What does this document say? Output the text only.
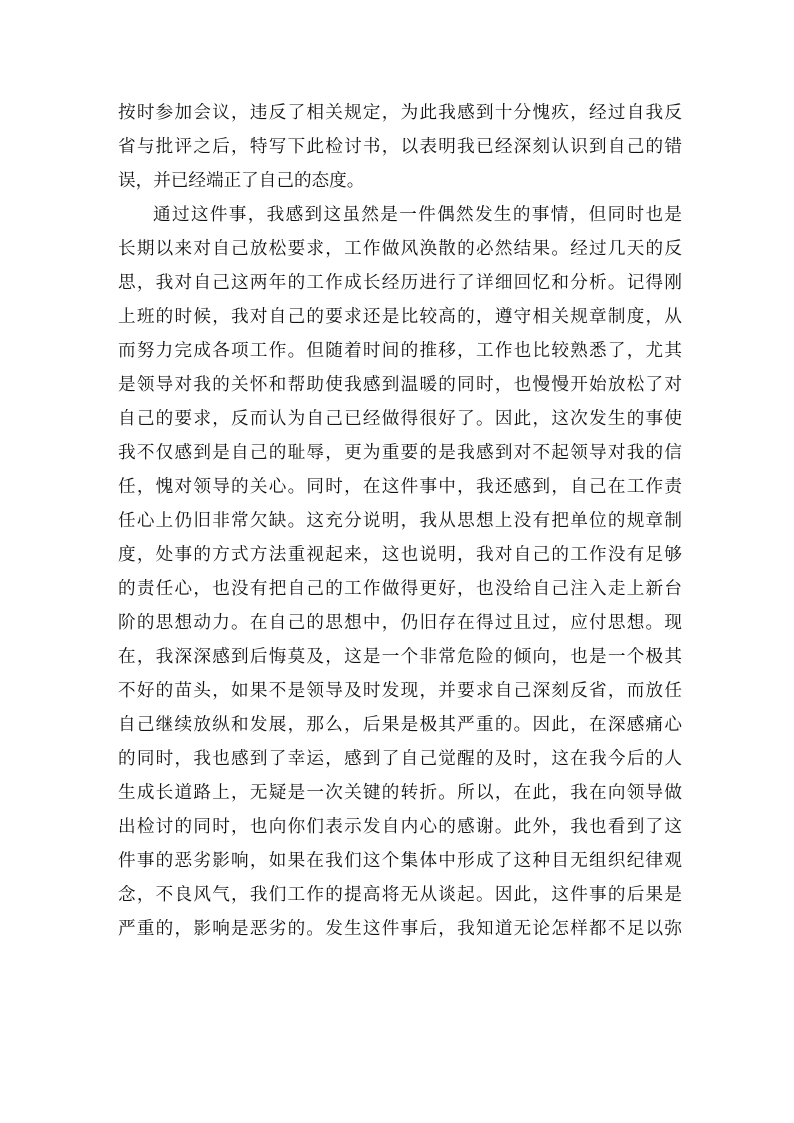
按时参加会议，违反了相关规定，为此我感到十分愧疚，经过自我反
省与批评之后，特写下此检讨书，以表明我已经深刻认识到自己的错
误，并已经端正了自己的态度。
通过这件事，我感到这虽然是一件偶然发生的事情，但同时也是
长期以来对自己放松要求，工作做风涣散的必然结果。经过几天的反
思，我对自己这两年的工作成长经历进行了详细回忆和分析。记得刚
上班的时候，我对自己的要求还是比较高的，遵守相关规章制度，从
而努力完成各项工作。但随着时间的推移，工作也比较熟悉了，尤其
是领导对我的关怀和帮助使我感到温暖的同时，也慢慢开始放松了对
自己的要求，反而认为自己已经做得很好了。因此，这次发生的事使
我不仅感到是自己的耻辱，更为重要的是我感到对不起领导对我的信
任，愧对领导的关心。同时，在这件事中，我还感到，自己在工作责
任心上仍旧非常欠缺。这充分说明，我从思想上没有把单位的规章制
度，处事的方式方法重视起来，这也说明，我对自己的工作没有足够
的责任心，也没有把自己的工作做得更好，也没给自己注入走上新台
阶的思想动力。在自己的思想中，仍旧存在得过且过，应付思想。现
在，我深深感到后悔莫及，这是一个非常危险的倾向，也是一个极其
不好的苗头，如果不是领导及时发现，并要求自己深刻反省，而放任
自己继续放纵和发展，那么，后果是极其严重的。因此，在深感痛心
的同时，我也感到了幸运，感到了自己觉醒的及时，这在我今后的人
生成长道路上，无疑是一次关键的转折。所以，在此，我在向领导做
出检讨的同时，也向你们表示发自内心的感谢。此外，我也看到了这
件事的恶劣影响，如果在我们这个集体中形成了这种目无组织纪律观
念，不良风气，我们工作的提高将无从谈起。因此，这件事的后果是
严重的，影响是恶劣的。发生这件事后，我知道无论怎样都不足以弥
